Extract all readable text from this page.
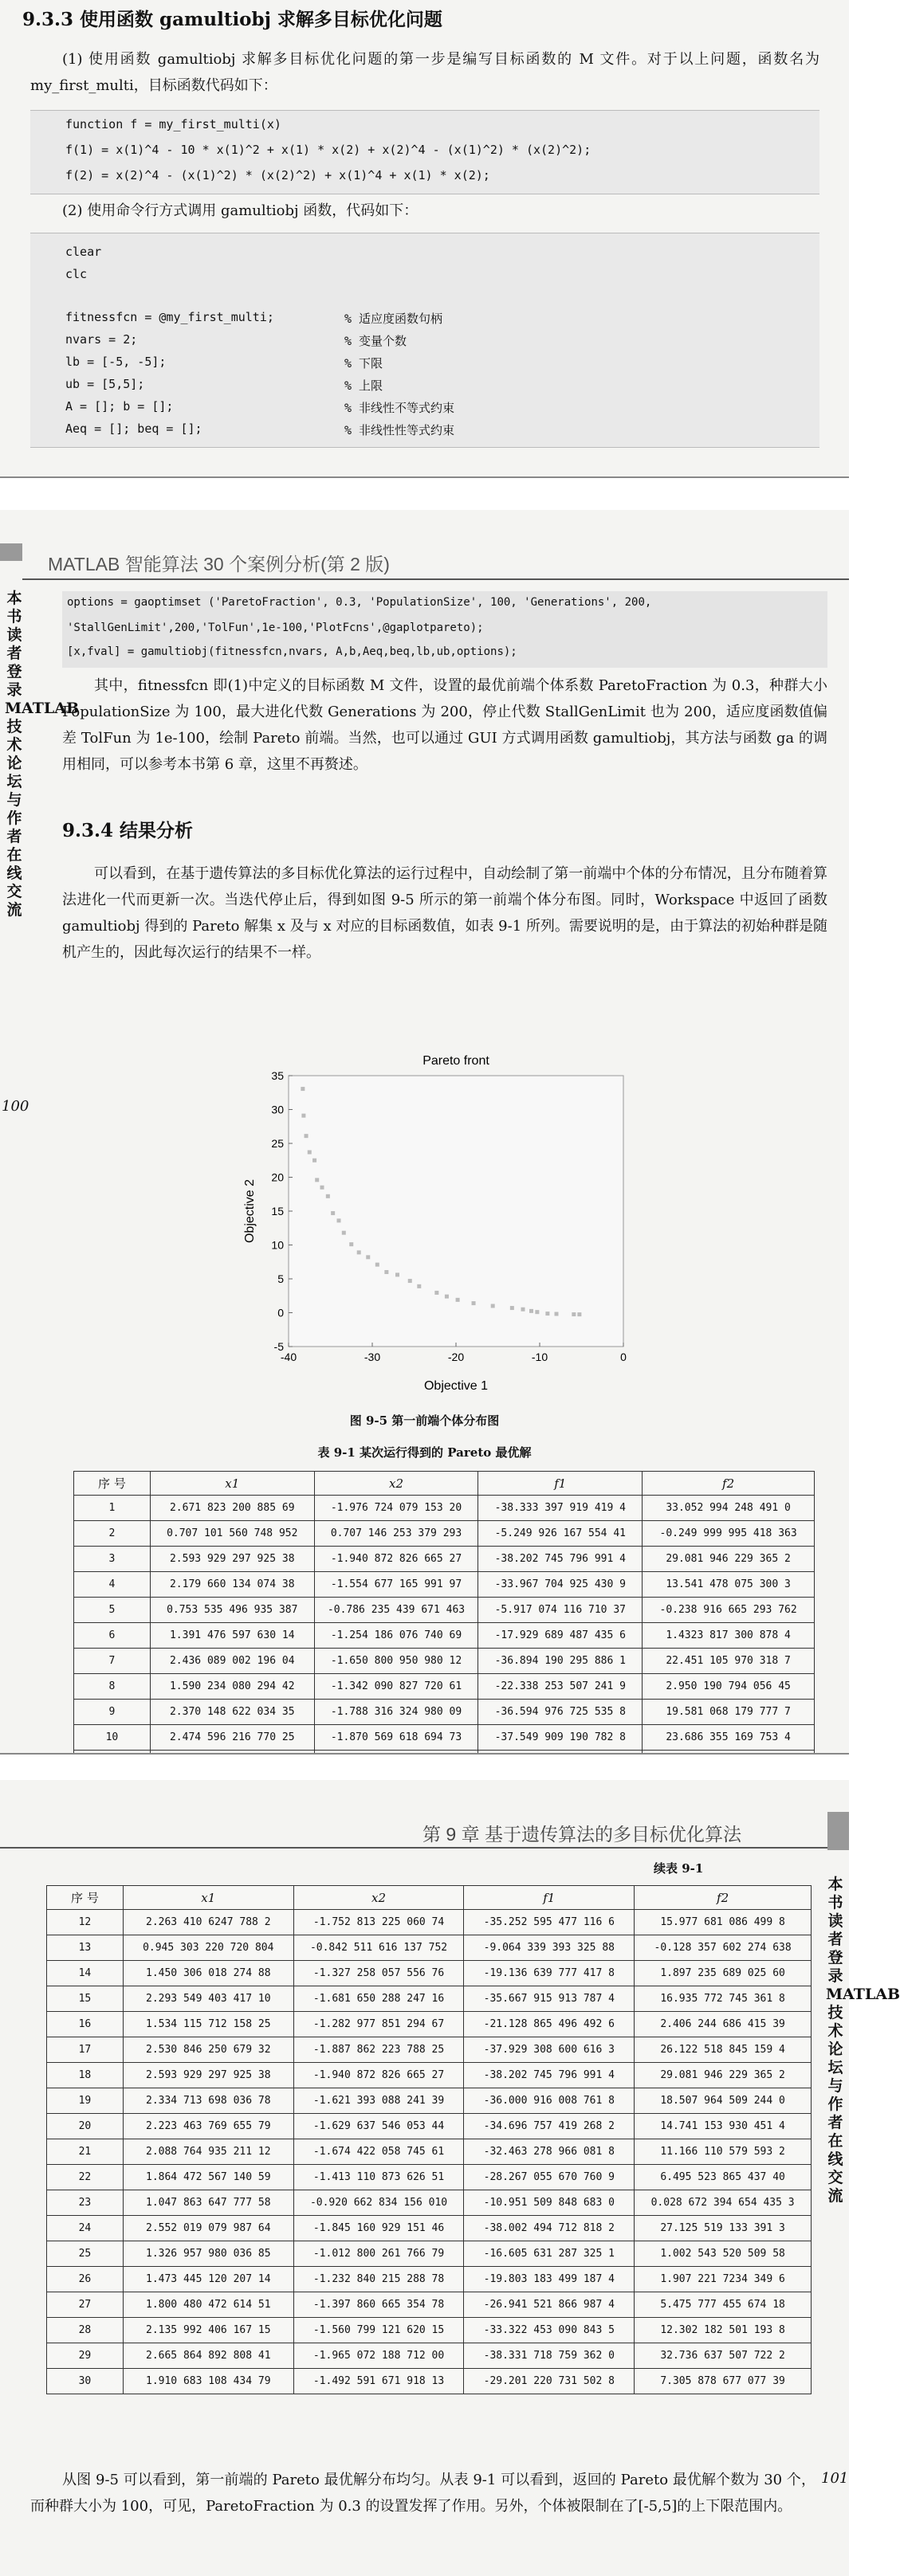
9.3.3 使用函数 gamultiobj 求解多目标优化问题
(1) 使用函数 gamultiobj 求解多目标优化问题的第一步是编写目标函数的 M 文件。对于以上问题，函数名为 my_first_multi，目标函数代码如下：
function f = my_first_multi(x)
f(1) = x(1)^4 - 10 * x(1)^2 + x(1) * x(2) + x(2)^4 - (x(1)^2) * (x(2)^2);
f(2) = x(2)^4 - (x(1)^2) * (x(2)^2) + x(1)^4 + x(1) * x(2);
(2) 使用命令行方式调用 gamultiobj 函数，代码如下：
clear
clc
fitnessfcn = @my_first_multi;	% 适应度函数句柄
nvars = 2;	% 变量个数
lb = [-5, -5];	% 下限
ub = [5,5];	% 上限
A = []; b = [];	% 非线性不等式约束
Aeq = []; beq = [];	% 非线性性等式约束
MATLAB 智能算法 30 个案例分析(第 2 版)
本书读者登录MATLAB技术论坛与作者在线交流
100
options = gaoptimset ('ParetoFraction', 0.3, 'PopulationSize', 100, 'Generations', 200,
'StallGenLimit',200,'TolFun',1e-100,'PlotFcns',@gaplotpareto);
[x,fval] = gamultiobj(fitnessfcn,nvars, A,b,Aeq,beq,lb,ub,options);
其中，fitnessfcn 即(1)中定义的目标函数 M 文件，设置的最优前端个体系数 ParetoFraction 为 0.3，种群大小 PopulationSize 为 100，最大进化代数 Generations 为 200，停止代数 StallGenLimit 也为 200，适应度函数值偏差 TolFun 为 1e-100，绘制 Pareto 前端。当然，也可以通过 GUI 方式调用函数 gamultiobj，其方法与函数 ga 的调用相同，可以参考本书第 6 章，这里不再赘述。
9.3.4 结果分析
可以看到，在基于遗传算法的多目标优化算法的运行过程中，自动绘制了第一前端中个体的分布情况，且分布随着算法进化一代而更新一次。当迭代停止后，得到如图 9-5 所示的第一前端个体分布图。同时，Workspace 中返回了函数 gamultiobj 得到的 Pareto 解集 x 及与 x 对应的目标函数值，如表 9-1 所列。需要说明的是，由于算法的初始种群是随机产生的，因此每次运行的结果不一样。
Pareto front
Objective 1
Objective 2
-40	-30	-20	-10	0
-5
0
5
10
15
20
25
30
35
图 9-5 第一前端个体分布图
表 9-1 某次运行得到的 Pareto 最优解
序 号	x1	x2	f1	f2
1	2.671 823 200 885 69	-1.976 724 079 153 20	-38.333 397 919 419 4	33.052 994 248 491 0
2	0.707 101 560 748 952	0.707 146 253 379 293	-5.249 926 167 554 41	-0.249 999 995 418 363
3	2.593 929 297 925 38	-1.940 872 826 665 27	-38.202 745 796 991 4	29.081 946 229 365 2
4	2.179 660 134 074 38	-1.554 677 165 991 97	-33.967 704 925 430 9	13.541 478 075 300 3
5	0.753 535 496 935 387	-0.786 235 439 671 463	-5.917 074 116 710 37	-0.238 916 665 293 762
6	1.391 476 597 630 14	-1.254 186 076 740 69	-17.929 689 487 435 6	1.4323 817 300 878 4
7	2.436 089 002 196 04	-1.650 800 950 980 12	-36.894 190 295 886 1	22.451 105 970 318 7
8	1.590 234 080 294 42	-1.342 090 827 720 61	-22.338 253 507 241 9	2.950 190 794 056 45
9	2.370 148 622 034 35	-1.788 316 324 980 09	-36.594 976 725 535 8	19.581 068 179 777 7
10	2.474 596 216 770 25	-1.870 569 618 694 73	-37.549 909 190 782 8	23.686 355 169 753 4

第 9 章 基于遗传算法的多目标优化算法
续表 9-1
本书读者登录MATLAB技术论坛与作者在线交流
101
序 号	x1	x2	f1	f2
12	2.263 410 6247 788 2	-1.752 813 225 060 74	-35.252 595 477 116 6	15.977 681 086 499 8
13	0.945 303 220 720 804	-0.842 511 616 137 752	-9.064 339 393 325 88	-0.128 357 602 274 638
14	1.450 306 018 274 88	-1.327 258 057 556 76	-19.136 639 777 417 8	1.897 235 689 025 60
15	2.293 549 403 417 10	-1.681 650 288 247 16	-35.667 915 913 787 4	16.935 772 745 361 8
16	1.534 115 712 158 25	-1.282 977 851 294 67	-21.128 865 496 492 6	2.406 244 686 415 39
17	2.530 846 250 679 32	-1.887 862 223 788 25	-37.929 308 600 616 3	26.122 518 845 159 4
18	2.593 929 297 925 38	-1.940 872 826 665 27	-38.202 745 796 991 4	29.081 946 229 365 2
19	2.334 713 698 036 78	-1.621 393 088 241 39	-36.000 916 008 761 8	18.507 964 509 244 0
20	2.223 463 769 655 79	-1.629 637 546 053 44	-34.696 757 419 268 2	14.741 153 930 451 4
21	2.088 764 935 211 12	-1.674 422 058 745 61	-32.463 278 966 081 8	11.166 110 579 593 2
22	1.864 472 567 140 59	-1.413 110 873 626 51	-28.267 055 670 760 9	6.495 523 865 437 40
23	1.047 863 647 777 58	-0.920 662 834 156 010	-10.951 509 848 683 0	0.028 672 394 654 435 3
24	2.552 019 079 987 64	-1.845 160 929 151 46	-38.002 494 712 818 2	27.125 519 133 391 3
25	1.326 957 980 036 85	-1.012 800 261 766 79	-16.605 631 287 325 1	1.002 543 520 509 58
26	1.473 445 120 207 14	-1.232 840 215 288 78	-19.803 183 499 187 4	1.907 221 7234 349 6
27	1.800 480 472 614 51	-1.397 860 665 354 78	-26.941 521 866 987 4	5.475 777 455 674 18
28	2.135 992 406 167 15	-1.560 799 121 620 15	-33.322 453 090 843 5	12.302 182 501 193 8
29	2.665 864 892 808 41	-1.965 072 188 712 00	-38.331 718 759 362 0	32.736 637 507 722 2
30	1.910 683 108 434 79	-1.492 591 671 918 13	-29.201 220 731 502 8	7.305 878 677 077 39
从图 9-5 可以看到，第一前端的 Pareto 最优解分布均匀。从表 9-1 可以看到，返回的 Pareto 最优解个数为 30 个，而种群大小为 100，可见，ParetoFraction 为 0.3 的设置发挥了作用。另外，个体被限制在了[-5,5]的上下限范围内。
